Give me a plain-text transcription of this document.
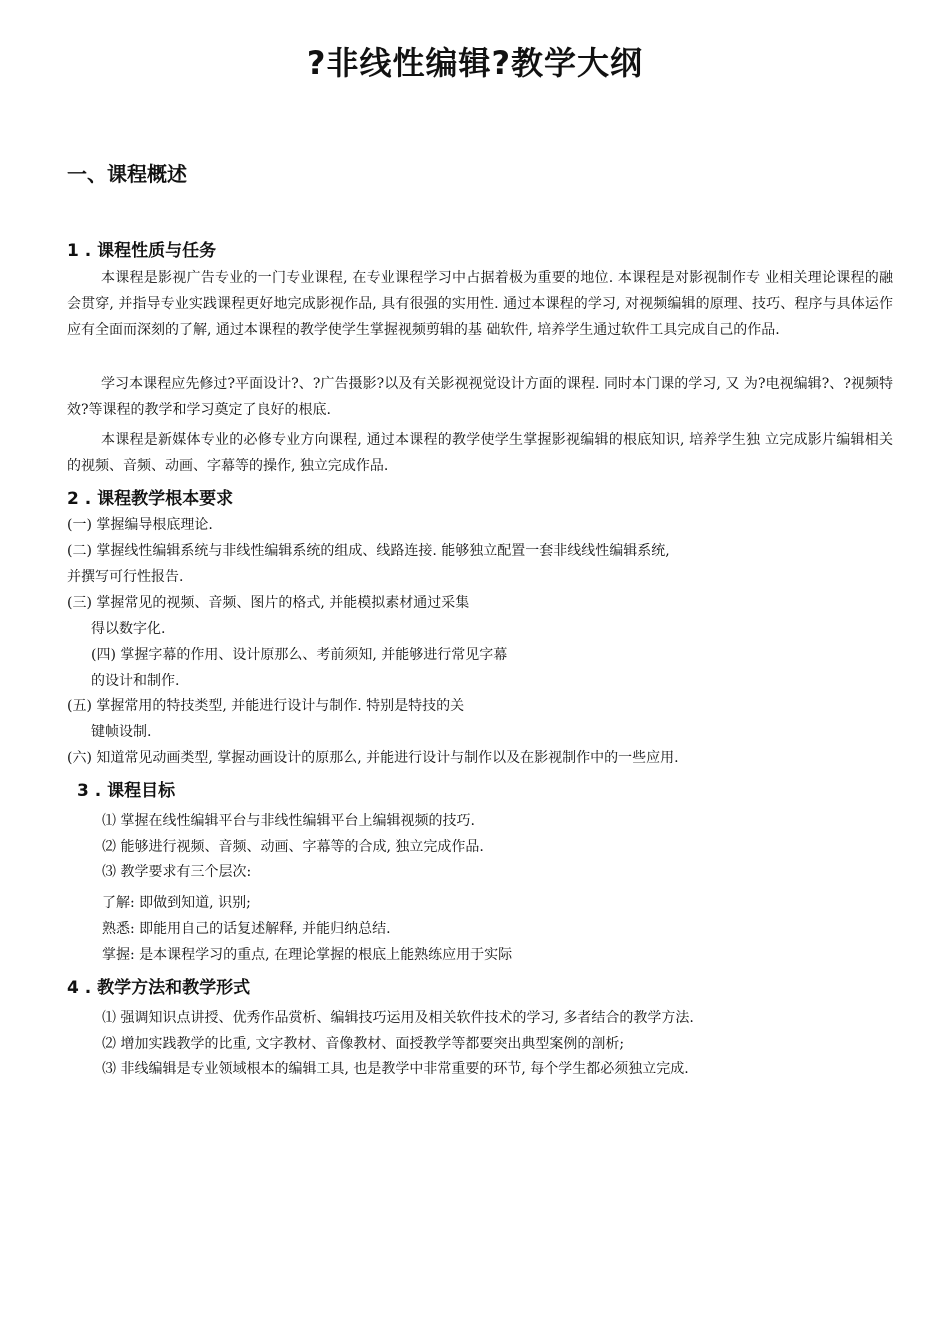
?非线性编辑?教学大纲
一、课程概述
1 . 课程性质与任务
本课程是影视广告专业的一门专业课程, 在专业课程学习中占据着极为重要的地位. 本课程是对影视制作专 业相关理论课程的融会贯穿, 并指导专业实践课程更好地完成影视作品, 具有很强的实用性. 通过本课程的学习, 对视频编辑的原理、技巧、程序与具体运作应有全面而深刻的了解, 通过本课程的教学使学生掌握视频剪辑的基 础软件, 培养学生通过软件工具完成自己的作品.
学习本课程应先修过?平面设计?、?广告摄影?以及有关影视视觉设计方面的课程. 同时本门课的学习, 又 为?电视编辑?、?视频特效?等课程的教学和学习奠定了良好的根底.
本课程是新媒体专业的必修专业方向课程, 通过本课程的教学使学生掌握影视编辑的根底知识, 培养学生独 立完成影片编辑相关的视频、音频、动画、字幕等的操作, 独立完成作品.
2 . 课程教学根本要求
(一) 掌握编导根底理论.
(二) 掌握线性编辑系统与非线性编辑系统的组成、线路连接. 能够独立配置一套非线线性编辑系统,
并撰写可行性报告.
(三) 掌握常见的视频、音频、图片的格式, 并能模拟素材通过采集
得以数字化.
(四) 掌握字幕的作用、设计原那么、考前须知, 并能够进行常见字幕
的设计和制作.
(五) 掌握常用的特技类型, 并能进行设计与制作. 特别是特技的关
键帧设制.
(六) 知道常见动画类型, 掌握动画设计的原那么, 并能进行设计与制作以及在影视制作中的一些应用.
3 . 课程目标
⑴ 掌握在线性编辑平台与非线性编辑平台上编辑视频的技巧.
⑵ 能够进行视频、音频、动画、字幕等的合成, 独立完成作品.
⑶ 教学要求有三个层次:
了解: 即做到知道, 识别;
熟悉: 即能用自己的话复述解释, 并能归纳总结.
掌握: 是本课程学习的重点, 在理论掌握的根底上能熟练应用于实际
4 . 教学方法和教学形式
⑴ 强调知识点讲授、优秀作品赏析、编辑技巧运用及相关软件技术的学习, 多者结合的教学方法.
⑵ 增加实践教学的比重, 文字教材、音像教材、面授教学等都要突出典型案例的剖析;
⑶ 非线编辑是专业领域根本的编辑工具, 也是教学中非常重要的环节, 每个学生都必须独立完成.
